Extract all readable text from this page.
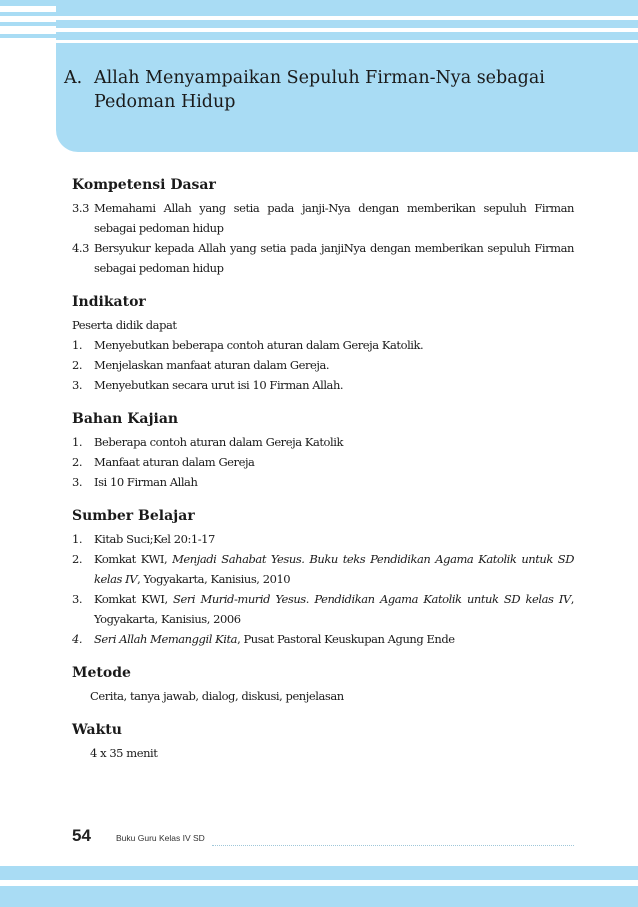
A. Allah Menyampaikan Sepuluh Firman-Nya sebagai
Pedoman Hidup
Kompetensi Dasar
3.3 Memahami Allah yang setia pada janji-Nya dengan memberikan sepuluh Firman sebagai pedoman hidup
4.3 Bersyukur kepada Allah yang setia pada janjiNya dengan memberikan sepuluh Firman sebagai pedoman hidup
Indikator
Peserta didik dapat
1.	Menyebutkan beberapa contoh aturan dalam Gereja Katolik.
2.	Menjelaskan manfaat aturan dalam Gereja.
3.	Menyebutkan secara urut isi 10 Firman Allah.
Bahan Kajian
1.	Beberapa contoh aturan dalam Gereja Katolik
2.	Manfaat aturan dalam Gereja
3.	Isi 10 Firman Allah
Sumber Belajar
1.	Kitab Suci;Kel 20:1-17
2.	Komkat KWI, Menjadi Sahabat Yesus. Buku teks Pendidikan Agama Katolik untuk SD kelas IV, Yogyakarta, Kanisius, 2010
3.	Komkat KWI, Seri Murid-murid Yesus. Pendidikan Agama Katolik untuk SD kelas IV, Yogyakarta, Kanisius, 2006
4.	Seri Allah Memanggil Kita, Pusat Pastoral Keuskupan Agung Ende
Metode
Cerita, tanya jawab, dialog, diskusi, penjelasan
Waktu
4 x 35 menit
54	Buku Guru Kelas IV SD
